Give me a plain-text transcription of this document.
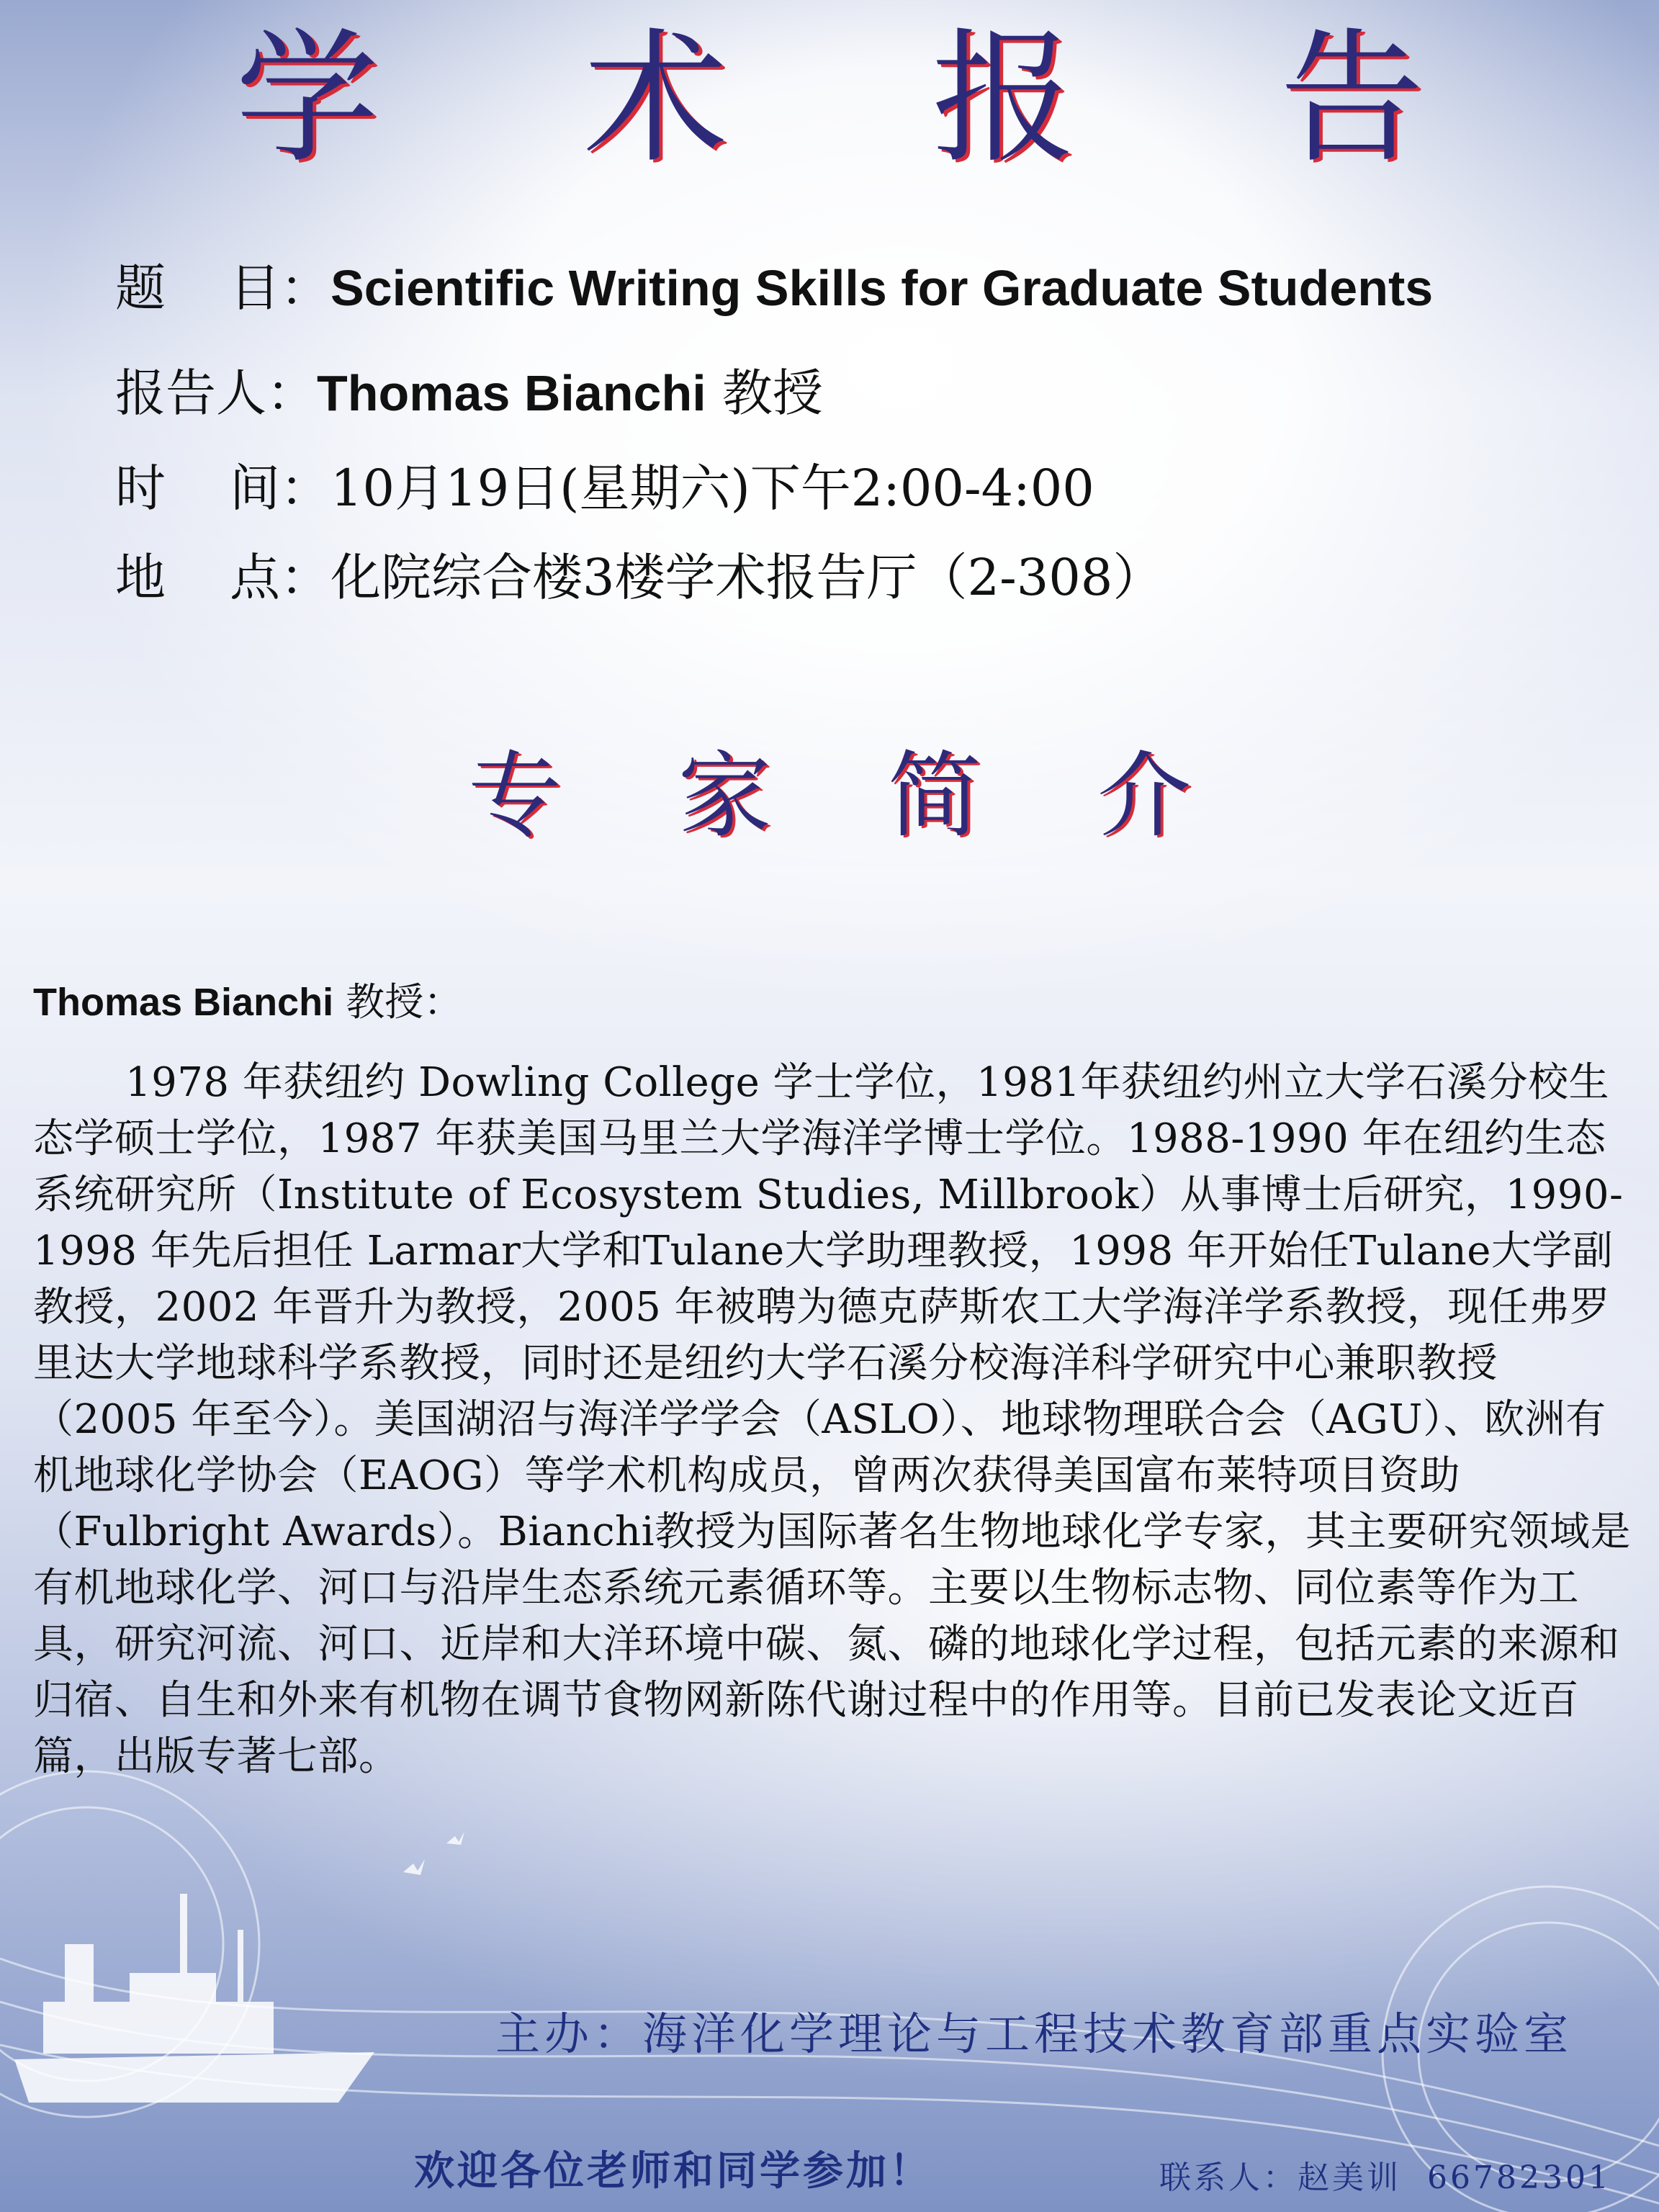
学 术 报 告
题    目：Scientific Writing Skills for Graduate Students
报告人：Thomas Bianchi 教授
时    间：10月19日(星期六)下午2:00-4:00
地    点：化院综合楼3楼学术报告厅（2-308）
专 家 简 介
Thomas Bianchi 教授：
1978 年获纽约 Dowling College 学士学位，1981年获纽约州立大学石溪分校生态学硕士学位，1987 年获美国马里兰大学海洋学博士学位。1988-1990 年在纽约生态系统研究所（Institute of Ecosystem Studies, Millbrook）从事博士后研究，1990-1998 年先后担任 Larmar大学和Tulane大学助理教授，1998 年开始任Tulane大学副教授，2002 年晋升为教授，2005 年被聘为德克萨斯农工大学海洋学系教授，现任弗罗里达大学地球科学系教授，同时还是纽约大学石溪分校海洋科学研究中心兼职教授（2005 年至今）。美国湖沼与海洋学学会（ASLO）、地球物理联合会（AGU）、欧洲有机地球化学协会（EAOG）等学术机构成员，曾两次获得美国富布莱特项目资助（Fulbright Awards）。Bianchi教授为国际著名生物地球化学专家，其主要研究领域是有机地球化学、河口与沿岸生态系统元素循环等。主要以生物标志物、同位素等作为工具，研究河流、河口、近岸和大洋环境中碳、氮、磷的地球化学过程，包括元素的来源和归宿、自生和外来有机物在调节食物网新陈代谢过程中的作用等。目前已发表论文近百篇，出版专著七部。
主办：海洋化学理论与工程技术教育部重点实验室
欢迎各位老师和同学参加！	联系人：赵美训 66782301
